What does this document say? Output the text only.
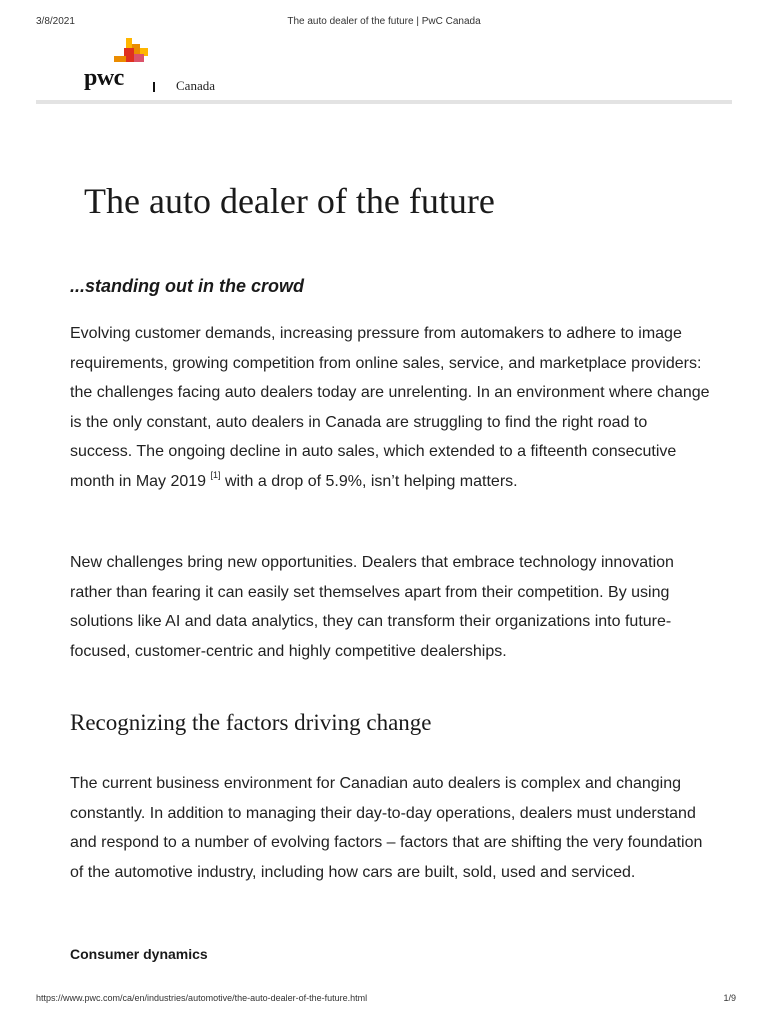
3/8/2021	The auto dealer of the future | PwC Canada
pwc	Canada
The auto dealer of the future
...standing out in the crowd

Evolving customer demands, increasing pressure from automakers to adhere to image requirements, growing competition from online sales, service, and marketplace providers: the challenges facing auto dealers today are unrelenting. In an environment where change is the only constant, auto dealers in Canada are struggling to find the right road to success. The ongoing decline in auto sales, which extended to a fifteenth consecutive month in May 2019 [1] with a drop of 5.9%, isn’t helping matters.

New challenges bring new opportunities. Dealers that embrace technology innovation rather than fearing it can easily set themselves apart from their competition. By using solutions like AI and data analytics, they can transform their organizations into future-focused, customer-centric and highly competitive dealerships.

Recognizing the factors driving change

The current business environment for Canadian auto dealers is complex and changing constantly. In addition to managing their day-to-day operations, dealers must understand and respond to a number of evolving factors – factors that are shifting the very foundation of the automotive industry, including how cars are built, sold, used and serviced.

Consumer dynamics
https://www.pwc.com/ca/en/industries/automotive/the-auto-dealer-of-the-future.html	1/9
